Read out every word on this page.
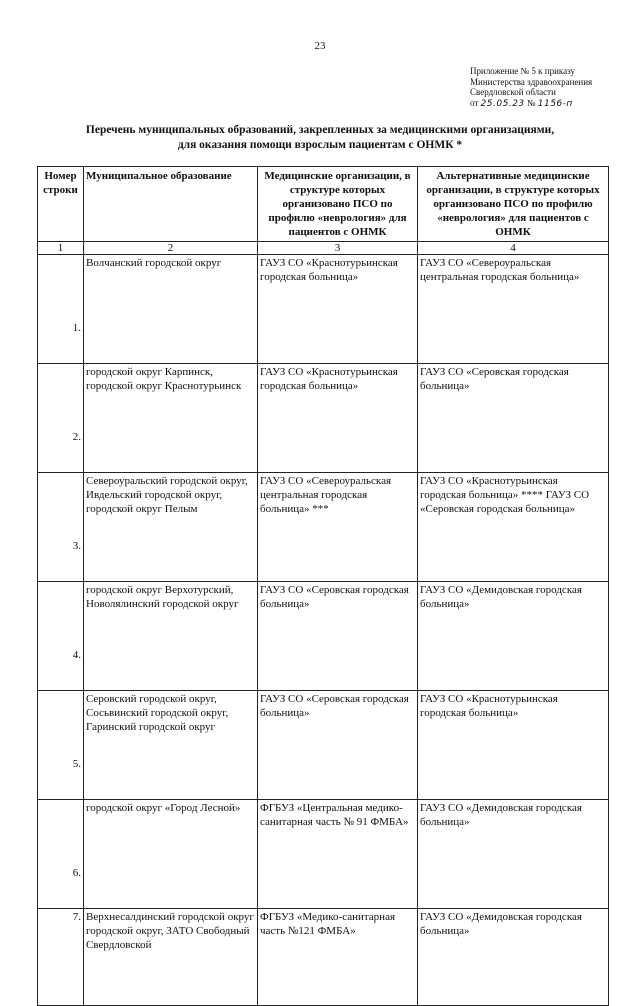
23
Приложение № 5 к приказу
Министерства здравоохранения
Свердловской области
от 25.05.23 № 1156-п
Перечень муниципальных образований, закрепленных за медицинскими организациями,
для оказания помощи взрослым пациентам с ОНМК *
Номер строки	Муниципальное образование	Медицинские организации, в структуре которых организовано ПСО по профилю «неврология» для пациентов с ОНМК	Альтернативные медицинские организации, в структуре которых организовано ПСО по профилю «неврология» для пациентов с ОНМК
1	2	3	4
1.	Волчанский городской округ	ГАУЗ СО «Краснотурьинская городская больница»	ГАУЗ СО «Североуральская центральная городская больница»
2.	городской округ Карпинск, городской округ Краснотурьинск	ГАУЗ СО «Краснотурьинская городская больница»	ГАУЗ СО «Серовская городская больница»
3.	Североуральский городской округ, Ивдельский городской округ, городской округ Пелым	ГАУЗ СО «Североуральская центральная городская больница» ***	ГАУЗ СО «Краснотурьинская городская больница» **** ГАУЗ СО «Серовская городская больница»
4.	городской округ Верхотурский, Новолялинский городской округ	ГАУЗ СО «Серовская городская больница»	ГАУЗ СО «Демидовская городская больница»
5.	Серовский городской округ, Сосьвинский городской округ, Гаринский городской округ	ГАУЗ СО «Серовская городская больница»	ГАУЗ СО «Краснотурьинская городская больница»
6.	городской округ «Город Лесной»	ФГБУЗ «Центральная медико-санитарная часть № 91 ФМБА»	ГАУЗ СО «Демидовская городская больница»
7.	Верхнесалдинский городской округ городской округ, ЗАТО Свободный Свердловской	ФГБУЗ «Медико-санитарная часть №121 ФМБА»	ГАУЗ СО «Демидовская городская больница»
